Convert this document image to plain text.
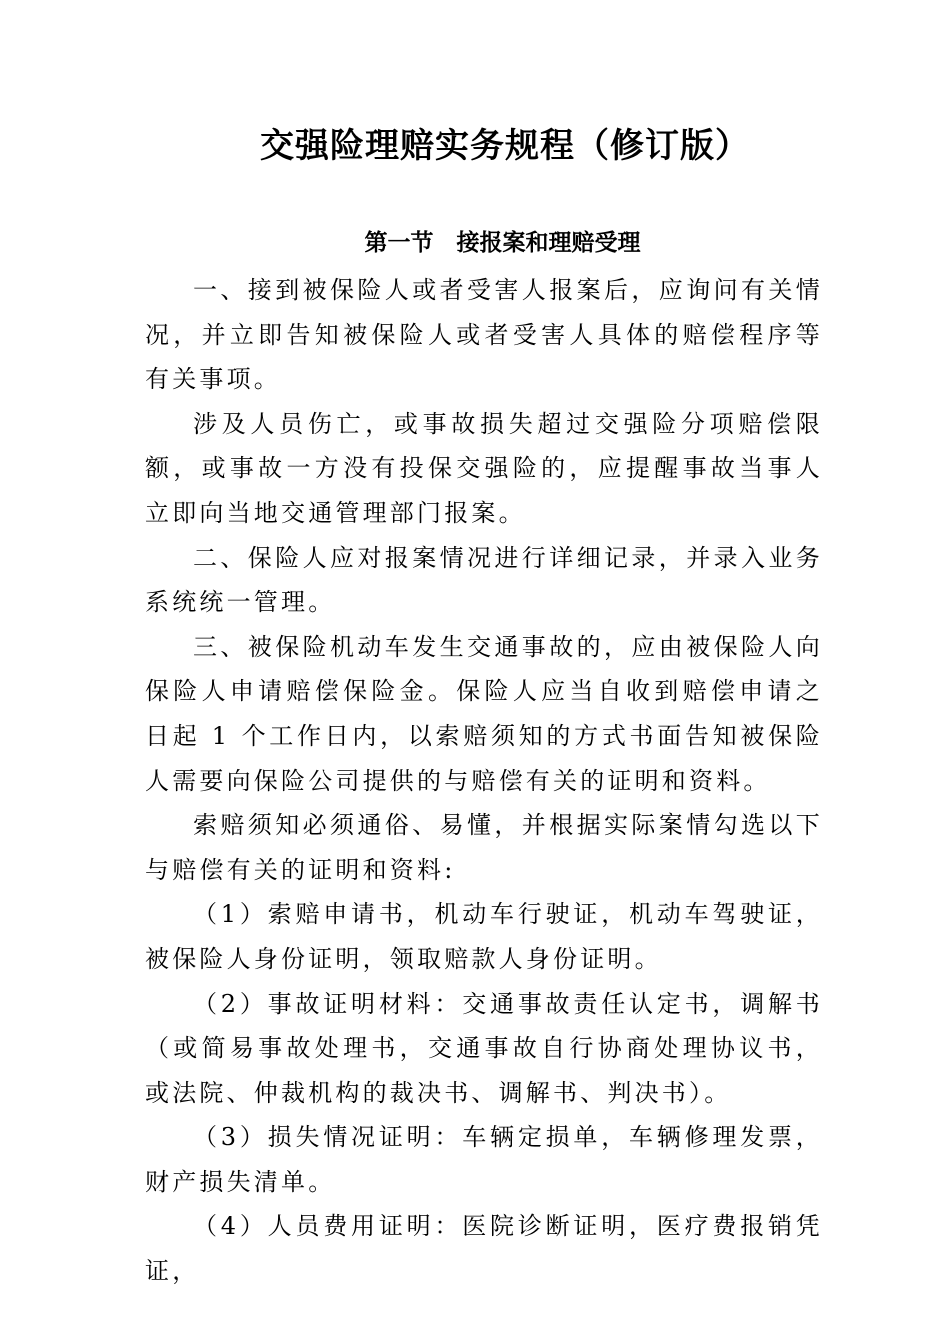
交强险理赔实务规程（修订版）
第一节　接报案和理赔受理

一、接到被保险人或者受害人报案后，应询问有关情况，并立即告知被保险人或者受害人具体的赔偿程序等有关事项。

涉及人员伤亡，或事故损失超过交强险分项赔偿限额，或事故一方没有投保交强险的，应提醒事故当事人立即向当地交通管理部门报案。

二、保险人应对报案情况进行详细记录，并录入业务系统统一管理。

三、被保险机动车发生交通事故的，应由被保险人向保险人申请赔偿保险金。保险人应当自收到赔偿申请之日起 1 个工作日内，以索赔须知的方式书面告知被保险人需要向保险公司提供的与赔偿有关的证明和资料。

索赔须知必须通俗、易懂，并根据实际案情勾选以下与赔偿有关的证明和资料:

（1）索赔申请书，机动车行驶证，机动车驾驶证，被保险人身份证明，领取赔款人身份证明。

（2）事故证明材料：交通事故责任认定书，调解书（或简易事故处理书，交通事故自行协商处理协议书，或法院、仲裁机构的裁决书、调解书、判决书）。

（3）损失情况证明：车辆定损单，车辆修理发票，财产损失清单。

（4）人员费用证明：医院诊断证明，医疗费报销凭证，
